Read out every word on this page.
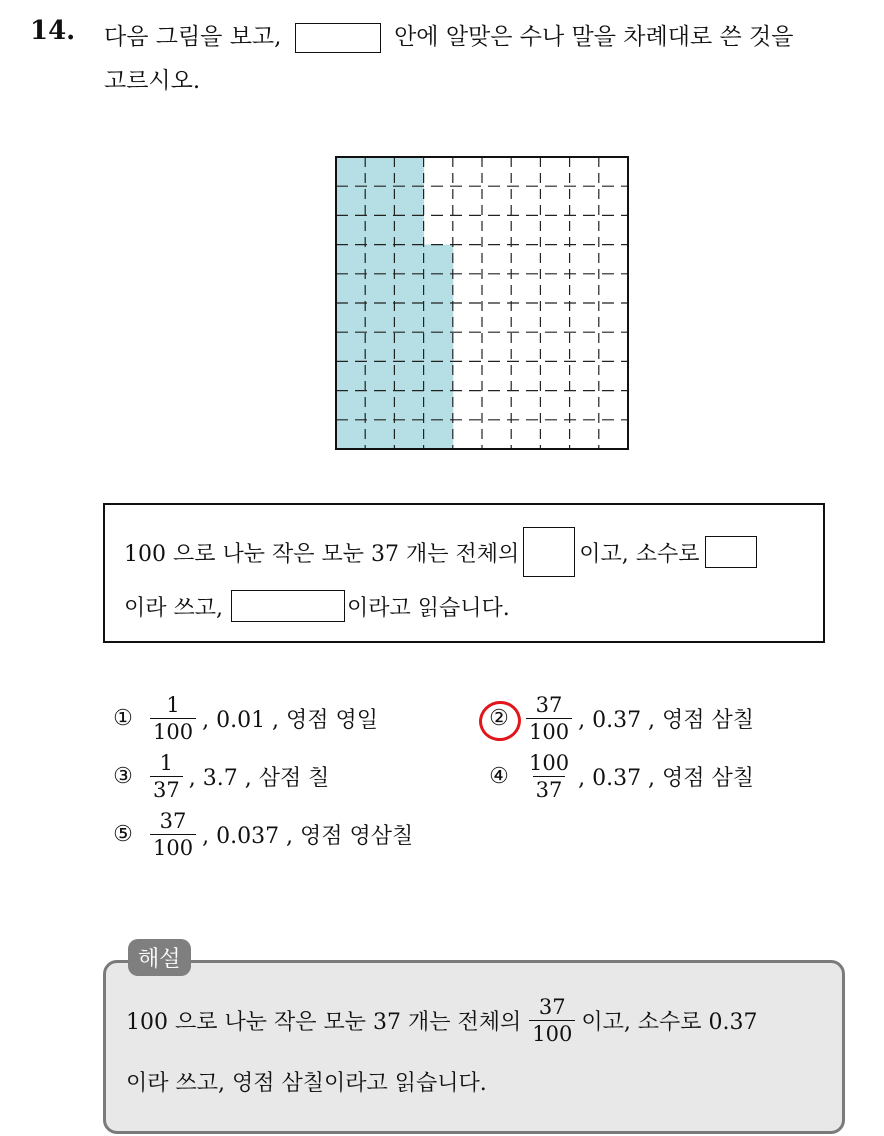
14. 다음 그림을 보고,	안에 알맞은 수나 말을 차례대로 쓴 것을
고르시오.
100 으로 나눈 작은 모눈 37 개는 전체의	이고, 소수로
이라 쓰고,	이라고 읽습니다.
① $\frac{1}{100}$ , 0.01 , 영점 영일	② $\frac{37}{100}$ , 0.37 , 영점 삼칠
③ $\frac{1}{37}$ , 3.7 , 삼점 칠	④ $\frac{100}{37}$ , 0.37 , 영점 삼칠
⑤ $\frac{37}{100}$ , 0.037 , 영점 영삼칠
해설
100 으로 나눈 작은 모눈 37 개는 전체의 $\frac{37}{100}$ 이고, 소수로 0.37
이라 쓰고, 영점 삼칠이라고 읽습니다.
